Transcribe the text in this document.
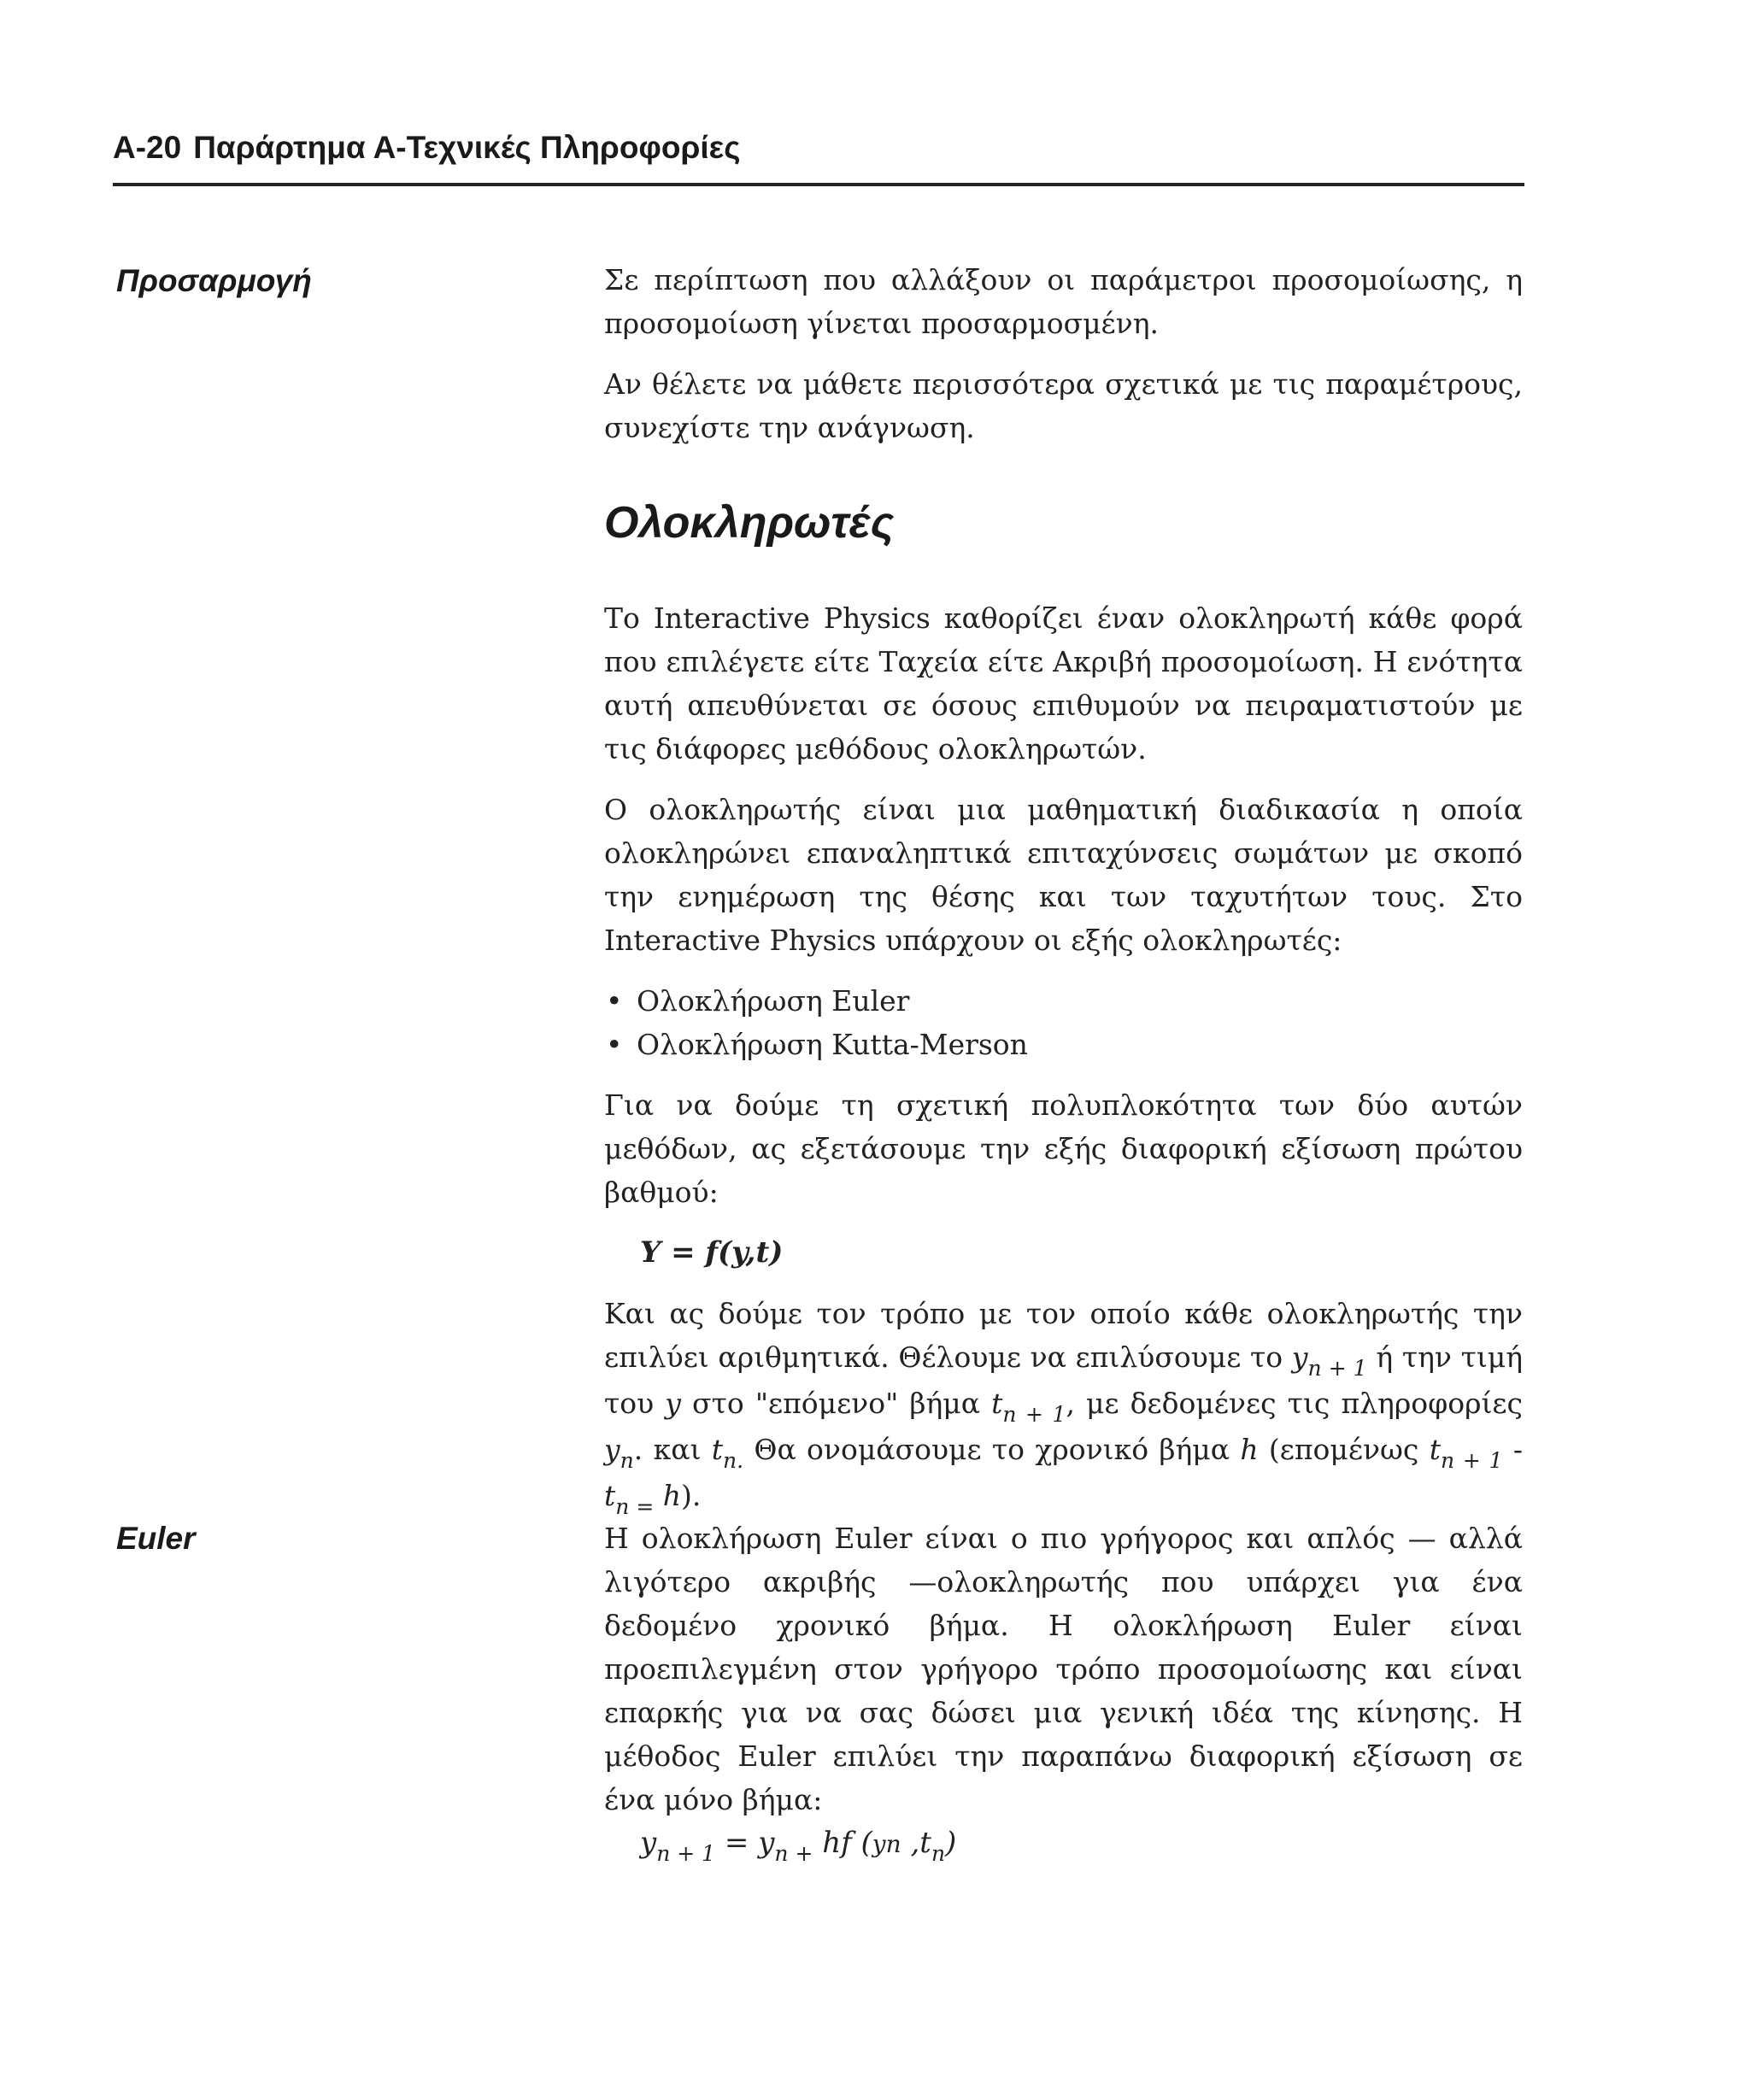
A-20 Παράρτημα Α-Τεχνικές Πληροφορίες
Προσαρμογή	Σε περίπτωση που αλλάξουν οι παράμετροι προσομοίωσης, η προσομοίωση γίνεται προσαρμοσμένη.

Αν θέλετε να μάθετε περισσότερα σχετικά με τις παραμέτρους, συνεχίστε την ανάγνωση.

Ολοκληρωτές

Το Interactive Physics καθορίζει έναν ολοκληρωτή κάθε φορά που επιλέγετε είτε Ταχεία είτε Ακριβή προσομοίωση. Η ενότητα αυτή απευθύνεται σε όσους επιθυμούν να πειραματιστούν με τις διάφορες μεθόδους ολοκληρωτών.

Ο ολοκληρωτής είναι μια μαθηματική διαδικασία η οποία ολοκληρώνει επαναληπτικά επιταχύνσεις σωμάτων με σκοπό την ενημέρωση της θέσης και των ταχυτήτων τους. Στο Interactive Physics υπάρχουν οι εξής ολοκληρωτές:

• Ολοκλήρωση Euler
• Ολοκλήρωση Kutta-Merson

Για να δούμε τη σχετική πολυπλοκότητα των δύο αυτών μεθόδων, ας εξετάσουμε την εξής διαφορική εξίσωση πρώτου βαθμού:

Y = f(y,t)

Και ας δούμε τον τρόπο με τον οποίο κάθε ολοκληρωτής την επιλύει αριθμητικά. Θέλουμε να επιλύσουμε το $y_{n + 1}$ ή την τιμή του y στο "επόμενο" βήμα $t_{n + 1}$, με δεδομένες τις πληροφορίες $y_n$. και $t_{n.}$ Θα ονομάσουμε το χρονικό βήμα h (επομένως $t_{n + 1} - t_{n =}$ h).

Euler	Η ολοκλήρωση Euler είναι ο πιο γρήγορος και απλός — αλλά λιγότερο ακριβής —ολοκληρωτής που υπάρχει για ένα δεδομένο χρονικό βήμα. Η ολοκλήρωση Euler είναι προεπιλεγμένη στον γρήγορο τρόπο προσομοίωσης και είναι επαρκής για να σας δώσει μια γενική ιδέα της κίνησης. Η μέθοδος Euler επιλύει την παραπάνω διαφορική εξίσωση σε ένα μόνο βήμα:

$y_{n + 1} = y_{n +}$ hf (yn $,t_n$)
